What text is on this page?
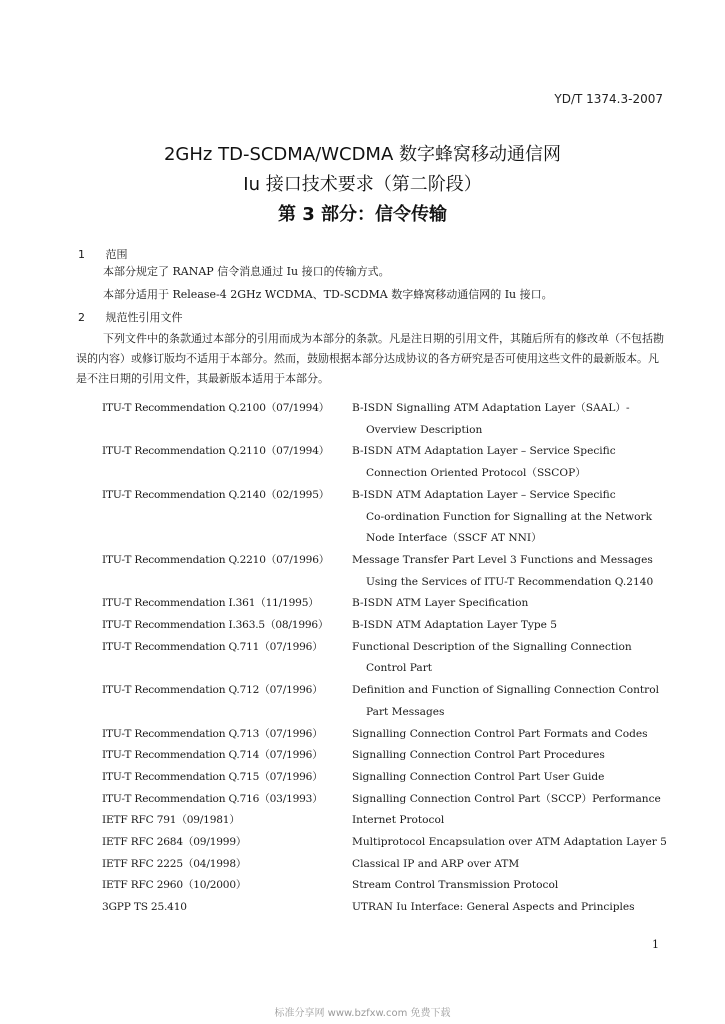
YD/T 1374.3-2007
2GHz TD-SCDMA/WCDMA 数字蜂窝移动通信网
Iu 接口技术要求（第二阶段）
第 3 部分：信令传输
1 范围
本部分规定了 RANAP 信令消息通过 Iu 接口的传输方式。
本部分适用于 Release-4 2GHz WCDMA、TD-SCDMA 数字蜂窝移动通信网的 Iu 接口。
2 规范性引用文件
下列文件中的条款通过本部分的引用而成为本部分的条款。凡是注日期的引用文件，其随后所有的修改单（不包括勘误的内容）或修订版均不适用于本部分。然而，鼓励根据本部分达成协议的各方研究是否可使用这些文件的最新版本。凡是不注日期的引用文件，其最新版本适用于本部分。
ITU-T Recommendation Q.2100（07/1994）	B-ISDN Signalling ATM Adaptation Layer（SAAL）-

Overview Description
ITU-T Recommendation Q.2110（07/1994）	B-ISDN ATM Adaptation Layer – Service Specific

Connection Oriented Protocol（SSCOP）
ITU-T Recommendation Q.2140（02/1995）	B-ISDN ATM Adaptation Layer – Service Specific

Co-ordination Function for Signalling at the Network
Node Interface（SSCF AT NNI）
ITU-T Recommendation Q.2210（07/1996）	Message Transfer Part Level 3 Functions and Messages

Using the Services of ITU-T Recommendation Q.2140
ITU-T Recommendation I.361（11/1995）	B-ISDN ATM Layer Specification
ITU-T Recommendation I.363.5（08/1996）	B-ISDN ATM Adaptation Layer Type 5
ITU-T Recommendation Q.711（07/1996）	Functional Description of the Signalling Connection

Control Part
ITU-T Recommendation Q.712（07/1996）	Definition and Function of Signalling Connection Control

Part Messages
ITU-T Recommendation Q.713（07/1996）	Signalling Connection Control Part Formats and Codes
ITU-T Recommendation Q.714（07/1996）	Signalling Connection Control Part Procedures
ITU-T Recommendation Q.715（07/1996）	Signalling Connection Control Part User Guide
ITU-T Recommendation Q.716（03/1993）	Signalling Connection Control Part（SCCP）Performance
IETF RFC 791（09/1981）	Internet Protocol
IETF RFC 2684（09/1999）	Multiprotocol Encapsulation over ATM Adaptation Layer 5
IETF RFC 2225（04/1998）	Classical IP and ARP over ATM
IETF RFC 2960（10/2000）	Stream Control Transmission Protocol
3GPP TS 25.410	UTRAN Iu Interface: General Aspects and Principles
1
标准分享网 www.bzfxw.com 免费下载
